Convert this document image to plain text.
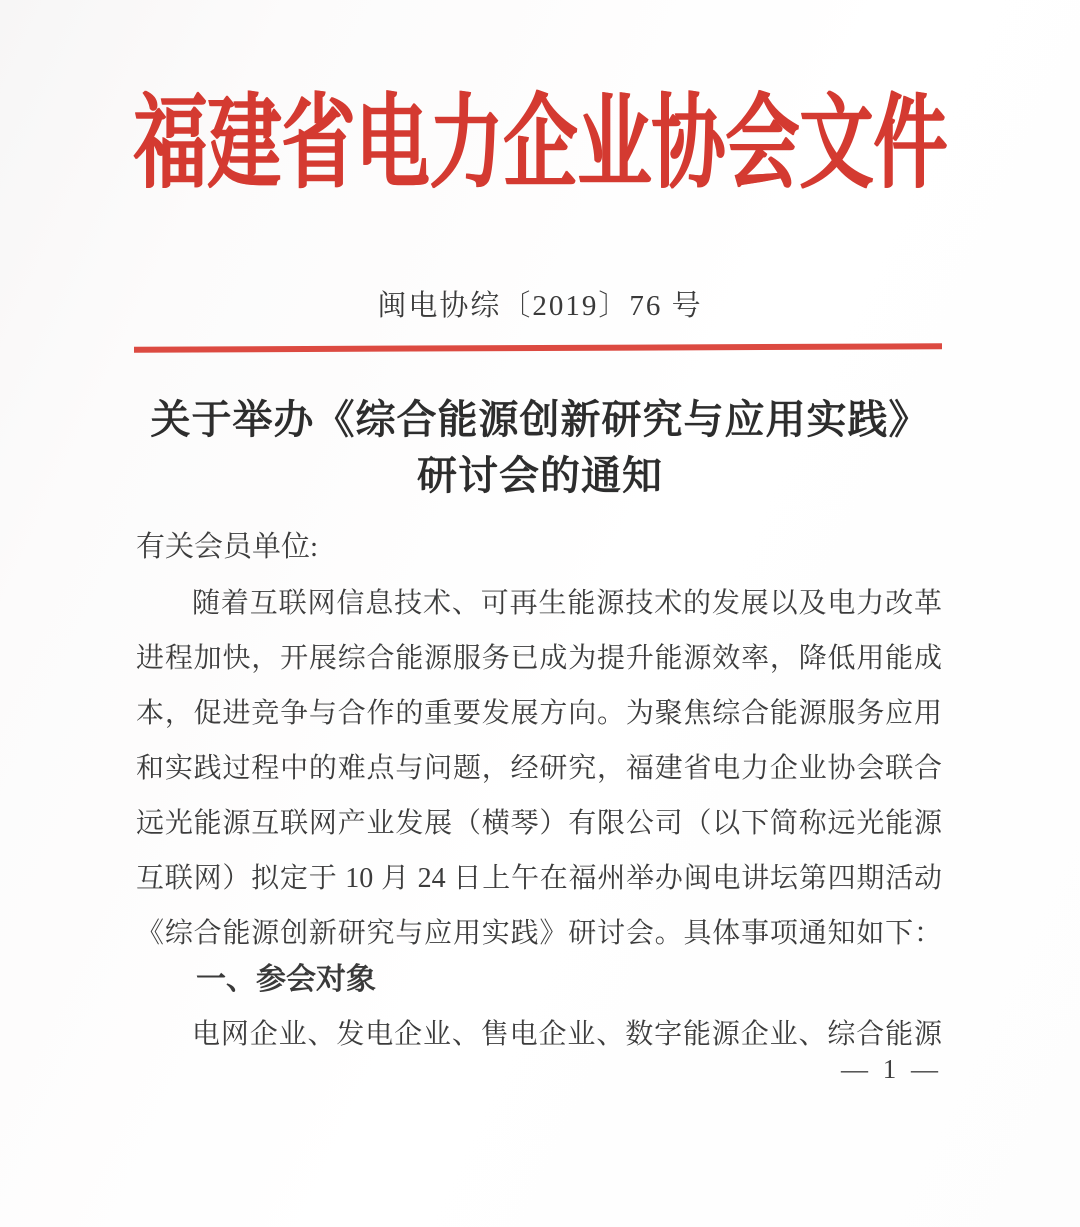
福建省电力企业协会文件
闽电协综〔2019〕76 号
关于举办《综合能源创新研究与应用实践》
研讨会的通知
有关会员单位:
随着互联网信息技术、可再生能源技术的发展以及电力改革
进程加快，开展综合能源服务已成为提升能源效率，降低用能成
本，促进竞争与合作的重要发展方向。为聚焦综合能源服务应用
和实践过程中的难点与问题，经研究，福建省电力企业协会联合
远光能源互联网产业发展（横琴）有限公司（以下简称远光能源
互联网）拟定于 10 月 24 日上午在福州举办闽电讲坛第四期活动
《综合能源创新研究与应用实践》研讨会。具体事项通知如下：
一、参会对象
电网企业、发电企业、售电企业、数字能源企业、综合能源
— 1 —
